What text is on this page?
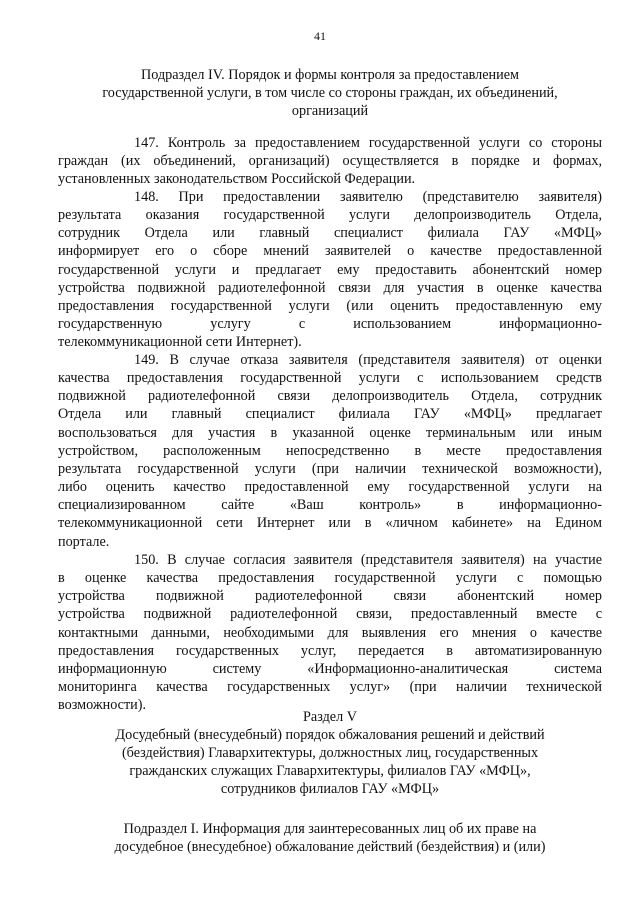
41
Подраздел IV. Порядок и формы контроля за предоставлением
государственной услуги, в том числе со стороны граждан, их объединений,
организаций
147. Контроль за предоставлением государственной услуги со стороны
граждан (их объединений, организаций) осуществляется в порядке и формах,
установленных законодательством Российской Федерации.
148. При предоставлении заявителю (представителю заявителя)
результата оказания государственной услуги делопроизводитель Отдела,
сотрудник Отдела или главный специалист филиала ГАУ «МФЦ»
информирует его о сборе мнений заявителей о качестве предоставленной
государственной услуги и предлагает ему предоставить абонентский номер
устройства подвижной радиотелефонной связи для участия в оценке качества
предоставления государственной услуги (или оценить предоставленную ему
государственную услугу с использованием информационно-
телекоммуникационной сети Интернет).
149. В случае отказа заявителя (представителя заявителя) от оценки
качества предоставления государственной услуги с использованием средств
подвижной радиотелефонной связи делопроизводитель Отдела, сотрудник
Отдела или главный специалист филиала ГАУ «МФЦ» предлагает
воспользоваться для участия в указанной оценке терминальным или иным
устройством, расположенным непосредственно в месте предоставления
результата государственной услуги (при наличии технической возможности),
либо оценить качество предоставленной ему государственной услуги на
специализированном сайте «Ваш контроль» в информационно-
телекоммуникационной сети Интернет или в «личном кабинете» на Едином
портале.
150. В случае согласия заявителя (представителя заявителя) на участие
в оценке качества предоставления государственной услуги с помощью
устройства подвижной радиотелефонной связи абонентский номер
устройства подвижной радиотелефонной связи, предоставленный вместе с
контактными данными, необходимыми для выявления его мнения о качестве
предоставления государственных услуг, передается в автоматизированную
информационную систему «Информационно-аналитическая система
мониторинга качества государственных услуг» (при наличии технической
возможности).
Раздел V
Досудебный (внесудебный) порядок обжалования решений и действий
(бездействия) Главархитектуры, должностных лиц, государственных
гражданских служащих Главархитектуры, филиалов ГАУ «МФЦ»,
сотрудников филиалов ГАУ «МФЦ»
Подраздел I. Информация для заинтересованных лиц об их праве на
досудебное (внесудебное) обжалование действий (бездействия) и (или)
